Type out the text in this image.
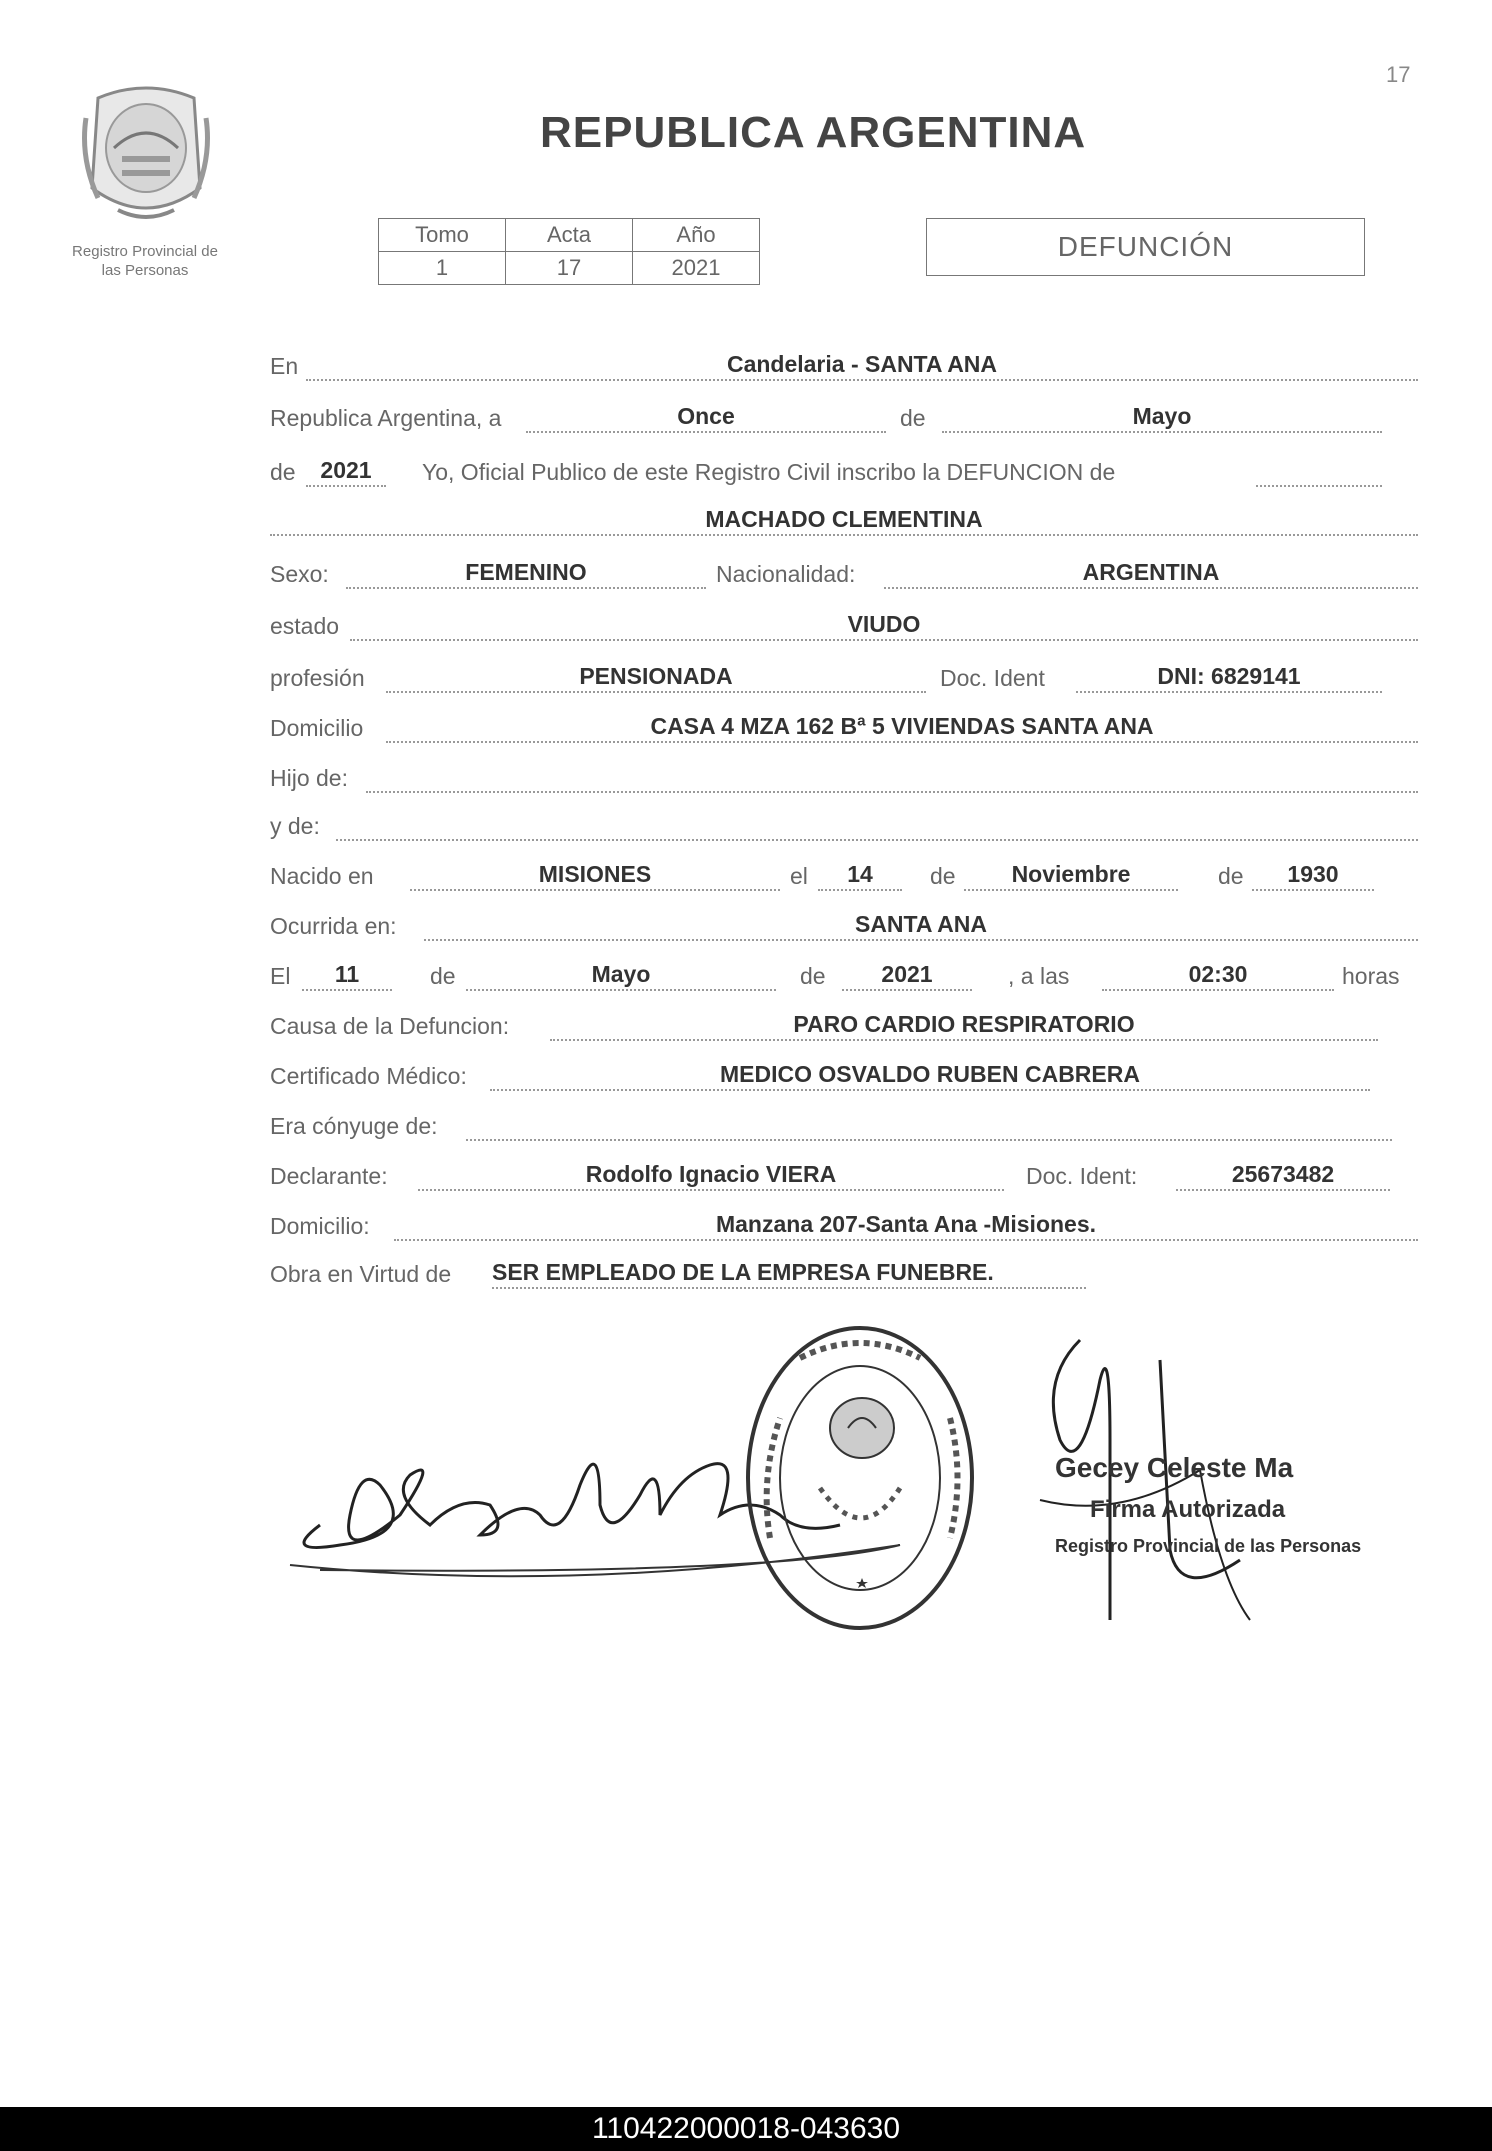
17
Registro Provincial de
las Personas
REPUBLICA ARGENTINA
Tomo	Acta	Año
1	17	2021
DEFUNCIÓN
En	Candelaria - SANTA ANA
Republica Argentina, a	Once	de	Mayo
de	2021	Yo, Oficial Publico de este Registro Civil inscribo la DEFUNCION de
MACHADO CLEMENTINA
Sexo:	FEMENINO	Nacionalidad:	ARGENTINA
estado	VIUDO
profesión	PENSIONADA	Doc. Ident	DNI: 6829141
Domicilio	CASA 4 MZA 162 Bª 5 VIVIENDAS SANTA ANA
Hijo de:
y de:
Nacido en	MISIONES	el	14	de	Noviembre	de	1930
Ocurrida en:	SANTA ANA
El	11	de	Mayo	de	2021	, a las	02:30	horas
Causa de la Defuncion:	PARO CARDIO RESPIRATORIO
Certificado Médico:	MEDICO OSVALDO RUBEN CABRERA
Era cónyuge de:
Declarante:	Rodolfo Ignacio VIERA	Doc. Ident:	25673482
Domicilio:	Manzana 207-Santa Ana -Misiones.
Obra en Virtud de SER EMPLEADO DE LA EMPRESA FUNEBRE.
Gecey Celeste Ma
Firma Autorizada
Registro Provincial de las Personas
110422000018-043630
